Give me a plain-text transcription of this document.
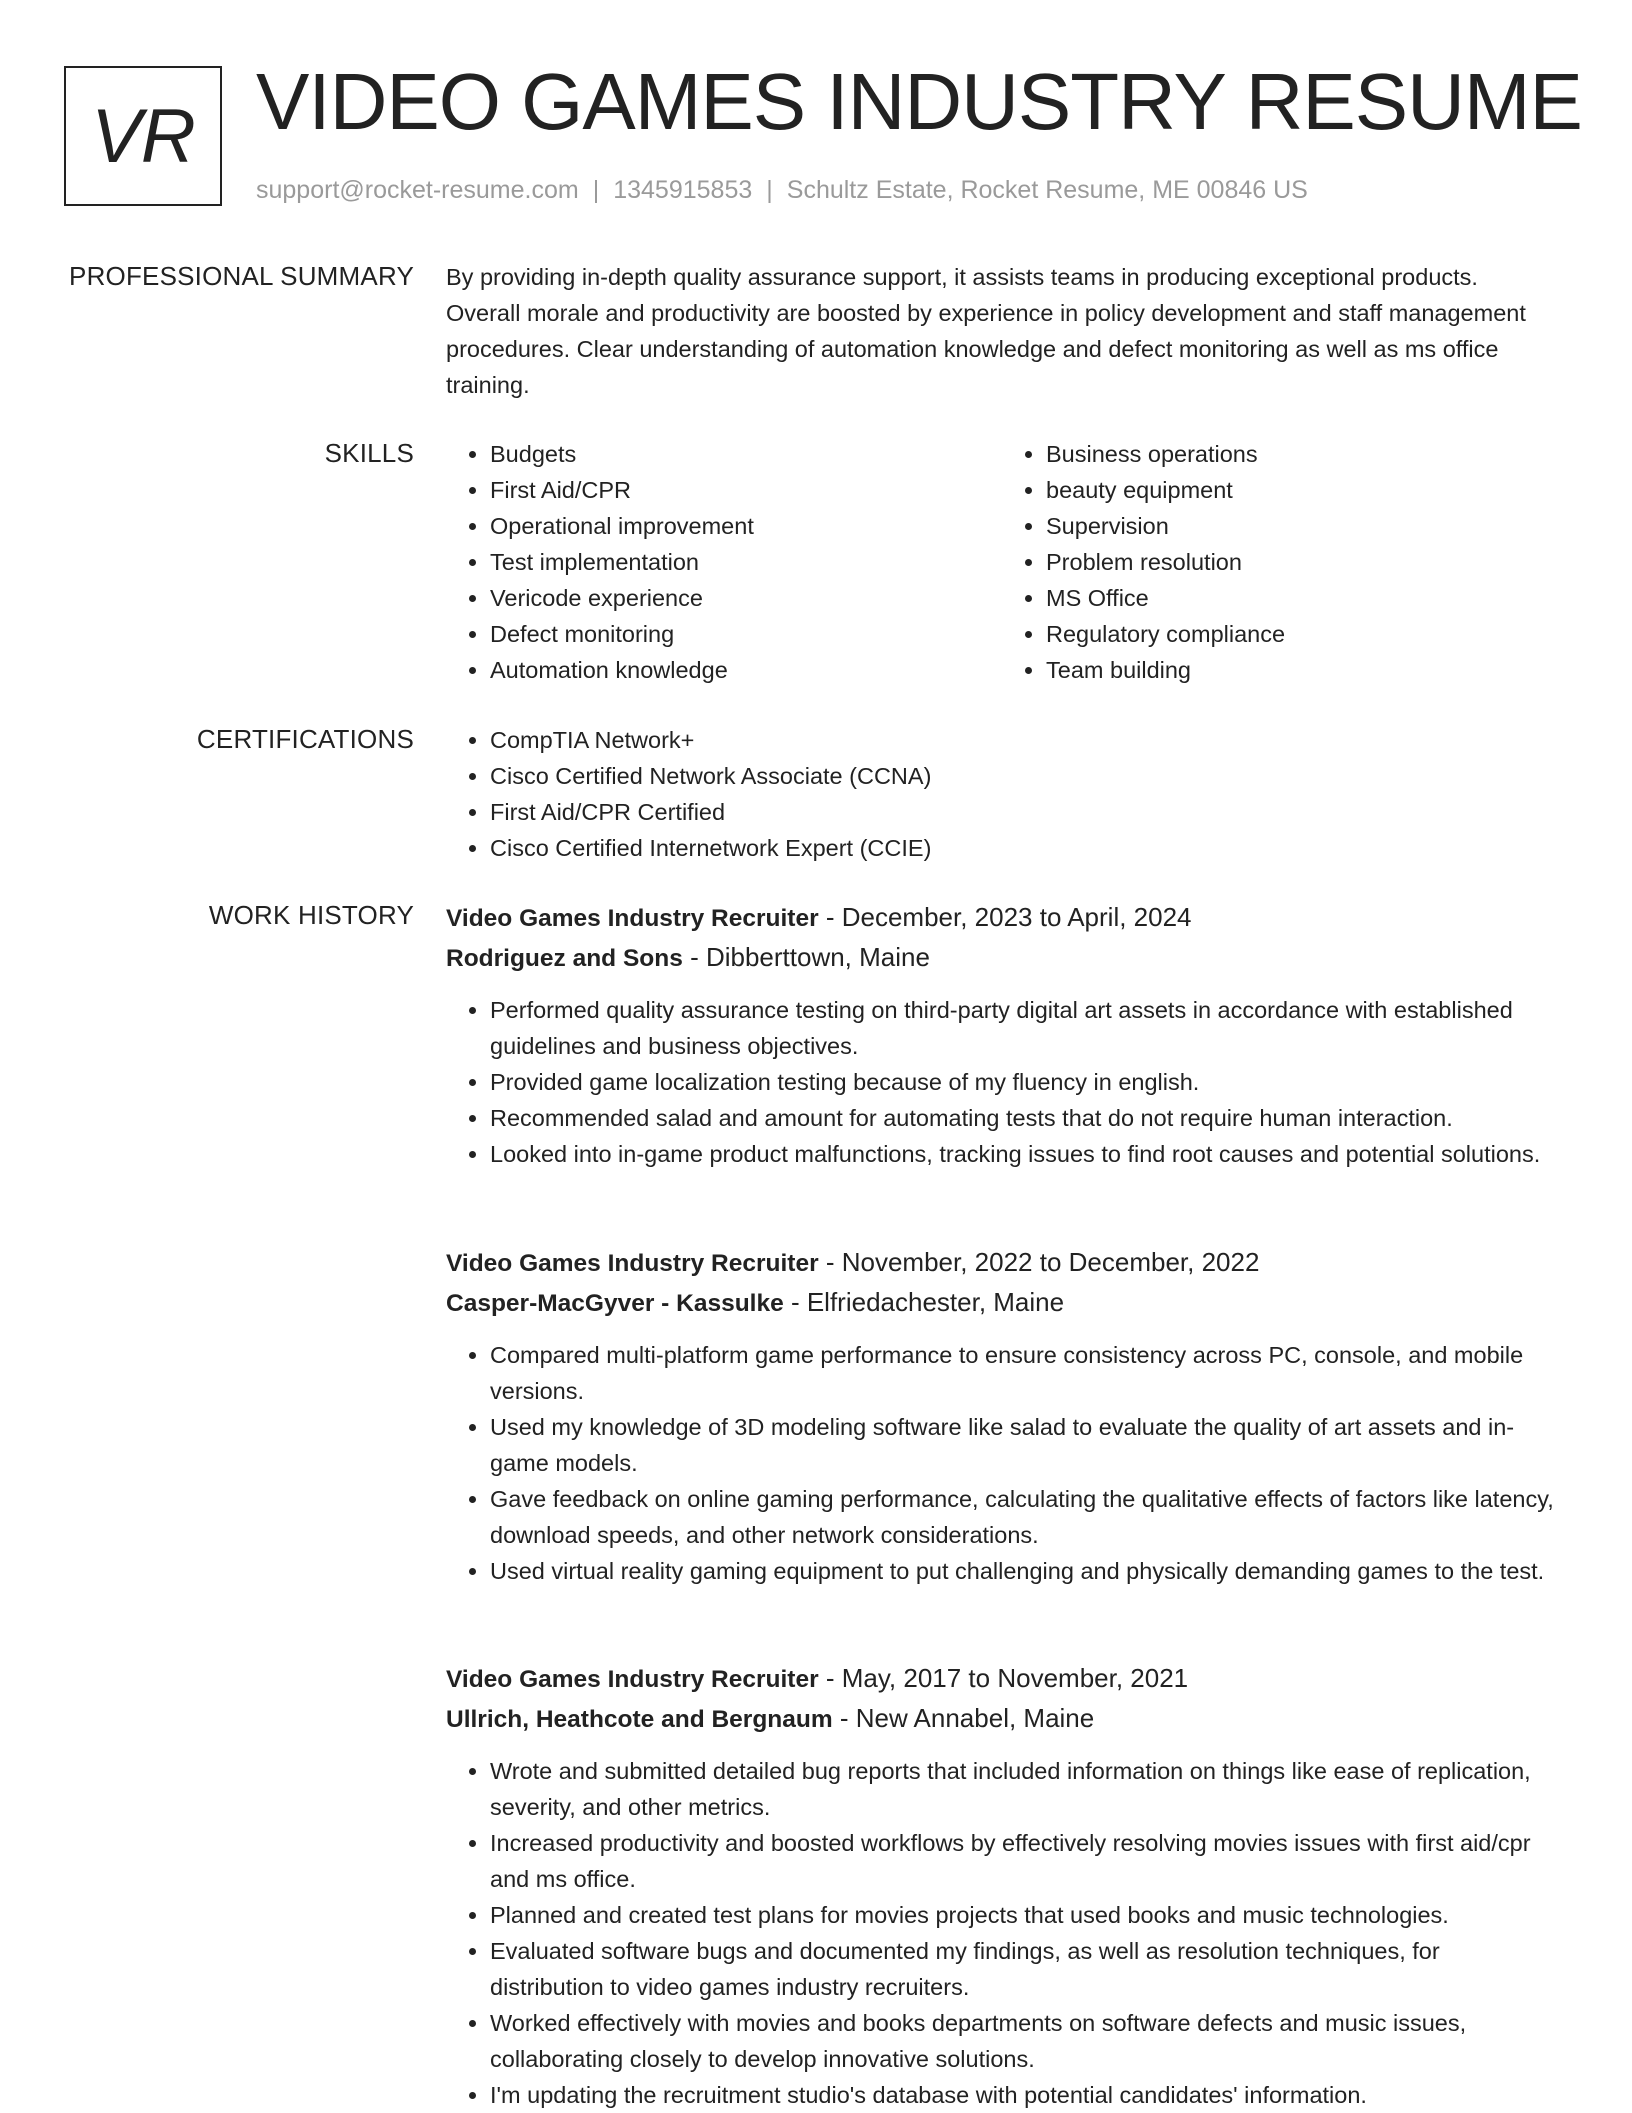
VR VIDEO GAMES INDUSTRY RESUME
support@rocket-resume.com | 1345915853 | Schultz Estate, Rocket Resume, ME 00846 US
PROFESSIONAL SUMMARY By providing in-depth quality assurance support, it assists teams in producing exceptional products. Overall morale and productivity are boosted by experience in policy development and staff management procedures. Clear understanding of automation knowledge and defect monitoring as well as ms office training.

SKILLS	• Budgets
• First Aid/CPR
• Operational improvement
• Test implementation
• Vericode experience
• Defect monitoring
• Automation knowledge
• Business operations
• beauty equipment
• Supervision
• Problem resolution
• MS Office
• Regulatory compliance
• Team building
CERTIFICATIONS	• CompTIA Network+
• Cisco Certified Network Associate (CCNA)
• First Aid/CPR Certified
• Cisco Certified Internetwork Expert (CCIE)
WORK HISTORY Video Games Industry Recruiter - December, 2023 to April, 2024
Rodriguez and Sons - Dibberttown, Maine
• Performed quality assurance testing on third-party digital art assets in accordance with established guidelines and business objectives.
• Provided game localization testing because of my fluency in english.
• Recommended salad and amount for automating tests that do not require human interaction.
• Looked into in-game product malfunctions, tracking issues to find root causes and potential solutions.
Video Games Industry Recruiter - November, 2022 to December, 2022
Casper-MacGyver - Kassulke - Elfriedachester, Maine
• Compared multi-platform game performance to ensure consistency across PC, console, and mobile versions.
• Used my knowledge of 3D modeling software like salad to evaluate the quality of art assets and in-game models.
• Gave feedback on online gaming performance, calculating the qualitative effects of factors like latency, download speeds, and other network considerations.
• Used virtual reality gaming equipment to put challenging and physically demanding games to the test.
Video Games Industry Recruiter - May, 2017 to November, 2021
Ullrich, Heathcote and Bergnaum - New Annabel, Maine
• Wrote and submitted detailed bug reports that included information on things like ease of replication, severity, and other metrics.
• Increased productivity and boosted workflows by effectively resolving movies issues with first aid/cpr and ms office.
• Planned and created test plans for movies projects that used books and music technologies.
• Evaluated software bugs and documented my findings, as well as resolution techniques, for distribution to video games industry recruiters.
• Worked effectively with movies and books departments on software defects and music issues, collaborating closely to develop innovative solutions.
• I'm updating the recruitment studio's database with potential candidates' information.
